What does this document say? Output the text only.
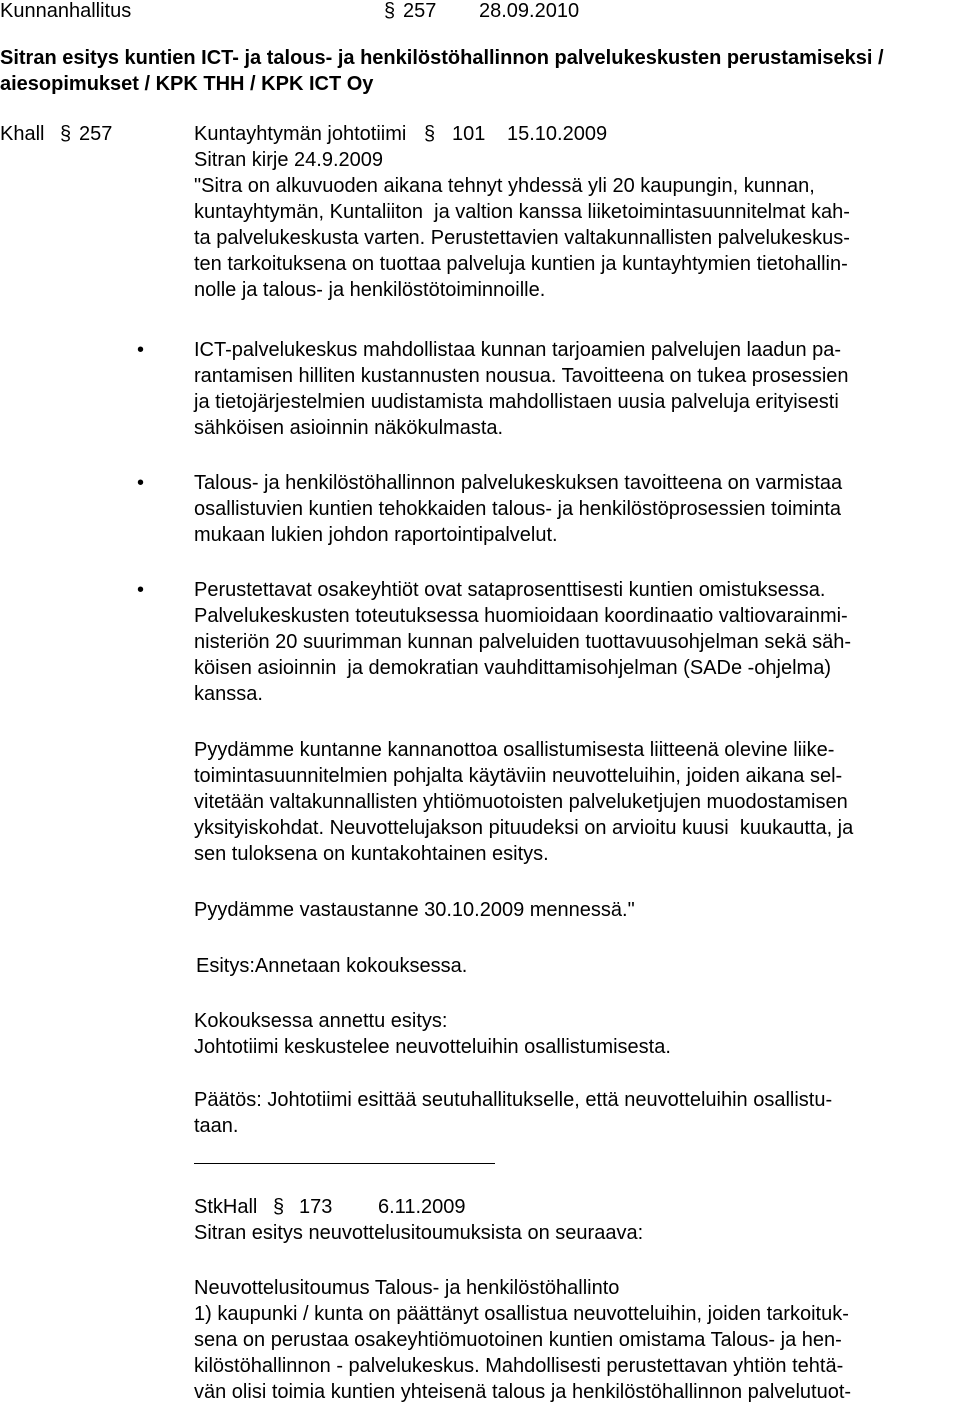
Kunnanhallitus	§ 257 28.09.2010
Sitran esitys kuntien ICT- ja talous- ja henkilöstöhallinnon palvelukeskusten perustamiseksi /
aiesopimukset / KPK THH / KPK ICT Oy
Khall § 257	Kuntayhtymän johtotiimi § 101 15.10.2009
Sitran kirje 24.9.2009
"Sitra on alkuvuoden aikana tehnyt yhdessä yli 20 kaupungin, kunnan,
kuntayhtymän, Kuntaliiton  ja valtion kanssa liiketoimintasuunnitelmat kah-
ta palvelukeskusta varten. Perustettavien valtakunnallisten palvelukeskus-
ten tarkoituksena on tuottaa palveluja kuntien ja kuntayhtymien tietohallin-
nolle ja talous- ja henkilöstötoiminnoille.
• ICT-palvelukeskus mahdollistaa kunnan tarjoamien palvelujen laadun pa-
rantamisen hilliten kustannusten nousua. Tavoitteena on tukea prosessien
ja tietojärjestelmien uudistamista mahdollistaen uusia palveluja erityisesti
sähköisen asioinnin näkökulmasta.
• Talous- ja henkilöstöhallinnon palvelukeskuksen tavoitteena on varmistaa
osallistuvien kuntien tehokkaiden talous- ja henkilöstöprosessien toiminta
mukaan lukien johdon raportointipalvelut.
• Perustettavat osakeyhtiöt ovat sataprosenttisesti kuntien omistuksessa.
Palvelukeskusten toteutuksessa huomioidaan koordinaatio valtiovarainmi-
nisteriön 20 suurimman kunnan palveluiden tuottavuusohjelman sekä säh-
köisen asioinnin  ja demokratian vauhdittamisohjelman (SADe -ohjelma)
kanssa.
Pyydämme kuntanne kannanottoa osallistumisesta liitteenä olevine liike-
toimintasuunnitelmien pohjalta käytäviin neuvotteluihin, joiden aikana sel-
vitetään valtakunnallisten yhtiömuotoisten palveluketjujen muodostamisen
yksityiskohdat. Neuvottelujakson pituudeksi on arvioitu kuusi  kuukautta, ja
sen tuloksena on kuntakohtainen esitys.
Pyydämme vastaustanne 30.10.2009 mennessä."
Esitys:Annetaan kokouksessa.
Kokouksessa annettu esitys:
Johtotiimi keskustelee neuvotteluihin osallistumisesta.
Päätös: Johtotiimi esittää seutuhallitukselle, että neuvotteluihin osallistu-
taan.
StkHall § 173 6.11.2009
Sitran esitys neuvottelusitoumuksista on seuraava:
Neuvottelusitoumus Talous- ja henkilöstöhallinto
1) kaupunki / kunta on päättänyt osallistua neuvotteluihin, joiden tarkoituk-
sena on perustaa osakeyhtiömuotoinen kuntien omistama Talous- ja hen-
kilöstöhallinnon - palvelukeskus. Mahdollisesti perustettavan yhtiön tehtä-
vän olisi toimia kuntien yhteisenä talous ja henkilöstöhallinnon palvelutuot-
